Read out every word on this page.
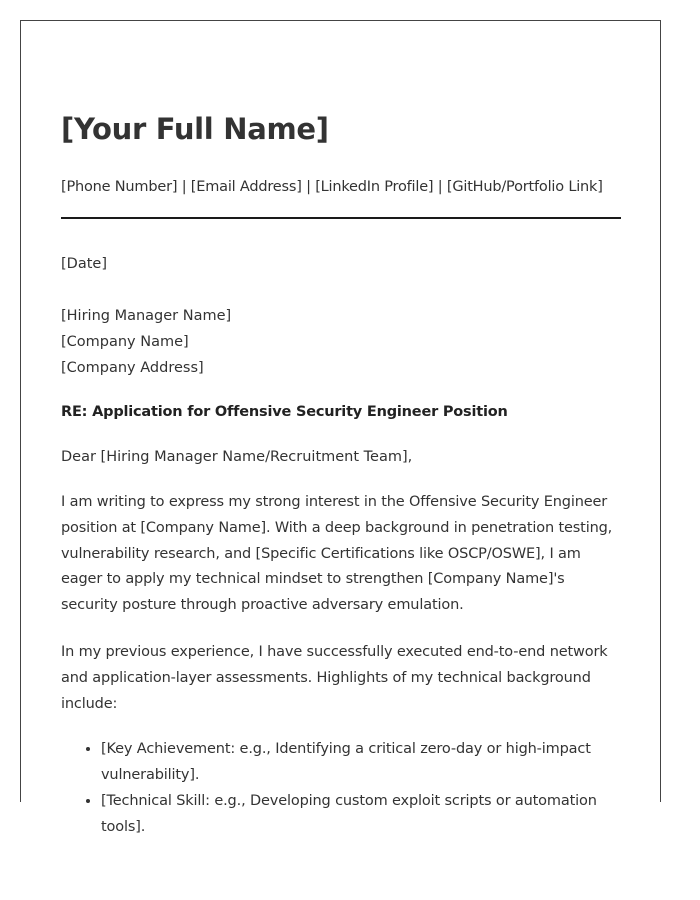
[Your Full Name]
[Phone Number] | [Email Address] | [LinkedIn Profile] | [GitHub/Portfolio Link]
[Date]
[Hiring Manager Name]
[Company Name]
[Company Address]
RE: Application for Offensive Security Engineer Position
Dear [Hiring Manager Name/Recruitment Team],

I am writing to express my strong interest in the Offensive Security Engineer position at [Company Name]. With a deep background in penetration testing, vulnerability research, and [Specific Certifications like OSCP/OSWE], I am eager to apply my technical mindset to strengthen [Company Name]'s security posture through proactive adversary emulation.

In my previous experience, I have successfully executed end-to-end network and application-layer assessments. Highlights of my technical background include:

• [Key Achievement: e.g., Identifying a critical zero-day or high-impact vulnerability].
• [Technical Skill: e.g., Developing custom exploit scripts or automation tools].
